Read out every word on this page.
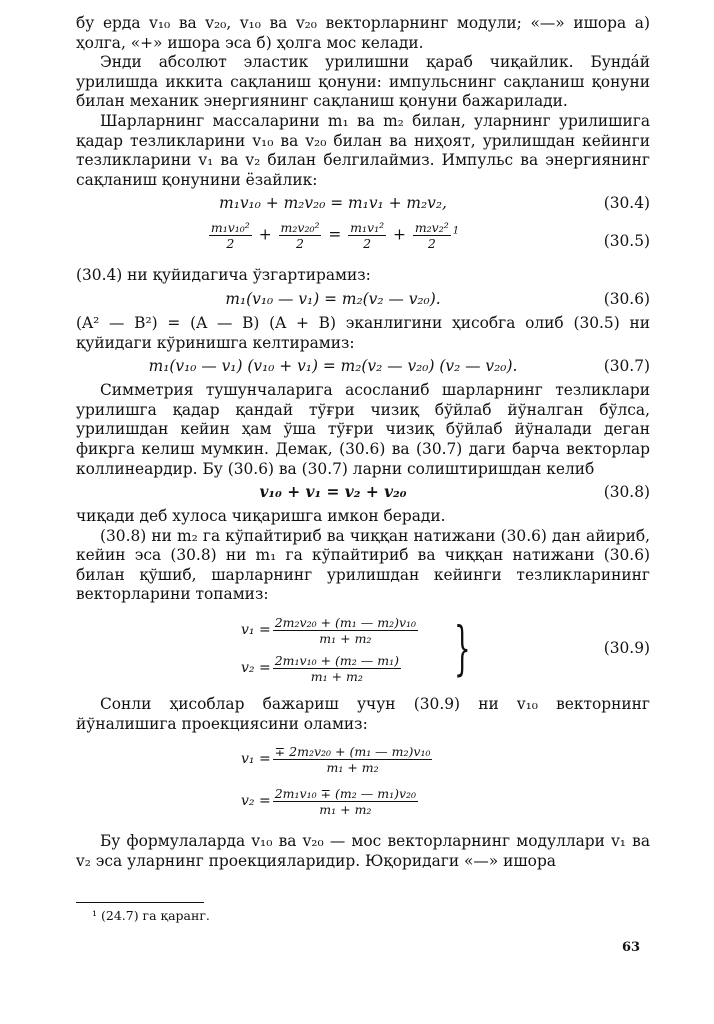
бу ерда v₁₀ ва v₂₀, v₁₀ ва v₂₀ векторларнинг модули; «—» ишора а) ҳолга, «+» ишора эса б) ҳолга мос келади.

Энди абсолют эластик урилишни қараб чиқайлик. Бунда́й урилишда иккита сақланиш қонуни: импульснинг сақланиш қонуни билан механик энергиянинг сақланиш қонуни бажарилади.

Шарларнинг массаларини m₁ ва m₂ билан, уларнинг урилишига қадар тезликларини v₁₀ ва v₂₀ билан ва ниҳоят, урилишдан кейинги тезликларини v₁ ва v₂ билан белгилаймиз. Импульс ва энергиянинг сақланиш қонунини ёзайлик:

m₁v₁₀ + m₂v₂₀ = m₁v₁ + m₂v₂,	(30.4)
$\frac{\text{m₁v₁₀²}}{2} + \frac{\text{m₂v₂₀²}}{2} = \frac{\text{m₁v₁²}}{2} + \frac{\text{m₂v₂²}}{2} ^1$
(30.5)

(30.4) ни қуйидагича ўзгартирамиз:

m₁(v₁₀ — v₁) = m₂(v₂ — v₂₀).	(30.6)

(A² — B²) = (A — B) (A + B) эканлигини ҳисобга олиб (30.5) ни қуйидаги кўринишга келтирамиз:

m₁(v₁₀ — v₁) (v₁₀ + v₁) = m₂(v₂ — v₂₀) (v₂ — v₂₀).	(30.7)

Симметрия тушунчаларига асосланиб шарларнинг тезликлари урилишга қадар қандай тўғри чизиқ бўйлаб йўналган бўлса, урилишдан кейин ҳам ўша тўғри чизиқ бўйлаб йўналади деган фикрга келиш мумкин. Демак, (30.6) ва (30.7) даги барча векторлар коллинеардир. Бу (30.6) ва (30.7) ларни солиштиришдан келиб

v₁₀ + v₁ = v₂ + v₂₀	(30.8)

чиқади деб хулоса чиқаришга имкон беради.

(30.8) ни m₂ га кўпайтириб ва чиққан натижани (30.6) дан айириб, кейин эса (30.8) ни m₁ га кўпайтириб ва чиққан натижани (30.6) билан қўшиб, шарларнинг урилишдан кейинги тезликларининг векторларини топамиз:

$v_1 = \frac{\text{2m₂v₂₀ + (m₁ — m₂)v₁₀}}{\text{m₁ + m₂}}$
$v_2 = \frac{\text{2m₁v₁₀ + (m₂ — m₁)}}{\text{m₁ + m₂}}$ }	(30.9)

Сонли ҳисоблар бажариш учун (30.9) ни v₁₀ векторнинг йўналишига проекциясини оламиз:

$v_1 = \frac{\text{∓ 2m₂v₂₀ + (m₁ — m₂)v₁₀}}{\text{m₁ + m₂}}$
$v_2 = \frac{\text{2m₁v₁₀ ∓ (m₂ — m₁)v₂₀}}{\text{m₁ + m₂}}$

Бу формулаларда v₁₀ ва v₂₀ — мос векторларнинг модуллари v₁ ва v₂ эса уларнинг проекцияларидир. Юқоридаги «—» ишора

¹ (24.7) га қаранг.
63
